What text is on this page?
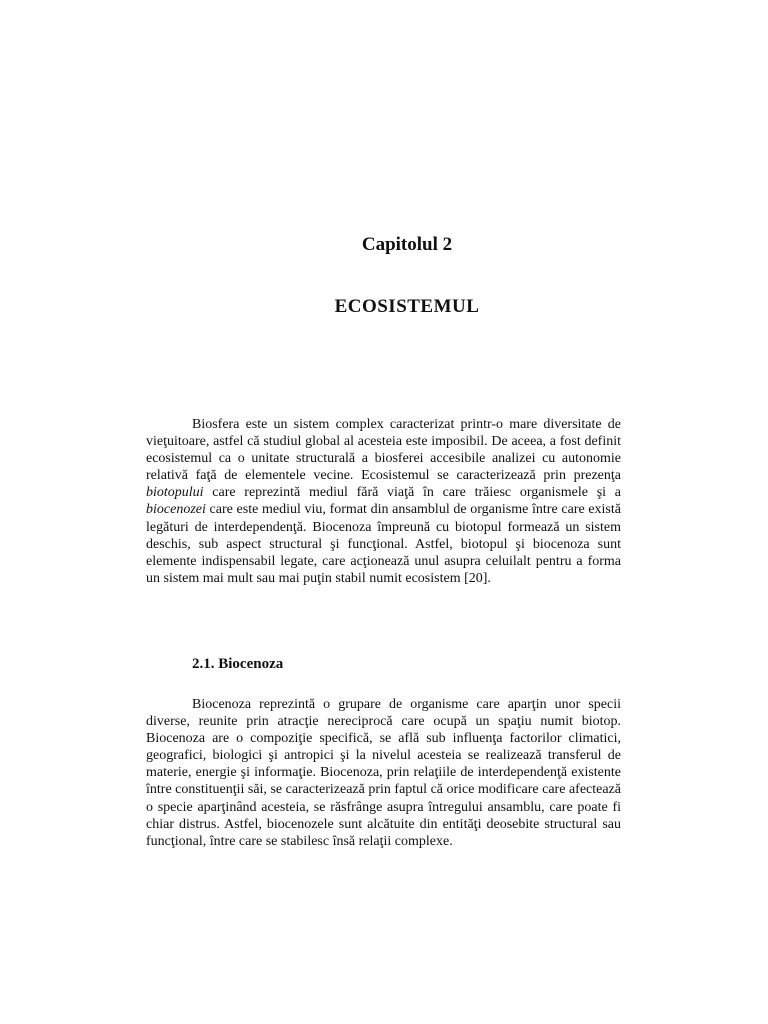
Capitolul 2
ECOSISTEMUL

Biosfera este un sistem complex caracterizat printr-o mare diversitate de vieţuitoare, astfel că studiul global al acesteia este imposibil. De aceea, a fost definit ecosistemul ca o unitate structurală a biosferei accesibile analizei cu autonomie relativă faţă de elementele vecine. Ecosistemul se caracterizează prin prezenţa biotopului care reprezintă mediul fără viaţă în care trăiesc organismele şi a biocenozei care este mediul viu, format din ansamblul de organisme între care există legături de interdependenţă. Biocenoza împreună cu biotopul formează un sistem deschis, sub aspect structural şi funcţional. Astfel, biotopul şi biocenoza sunt elemente indispensabil legate, care acţionează unul asupra celuilalt pentru a forma un sistem mai mult sau mai puţin stabil numit ecosistem [20].

2.1. Biocenoza

Biocenoza reprezintă o grupare de organisme care aparţin unor specii diverse, reunite prin atracţie nereciprocă care ocupă un spaţiu numit biotop. Biocenoza are o compoziţie specifică, se află sub influenţa factorilor climatici, geografici, biologici şi antropici şi la nivelul acesteia se realizează transferul de materie, energie şi informaţie. Biocenoza, prin relaţiile de interdependenţă existente între constituenţii săi, se caracterizează prin faptul că orice modificare care afectează o specie aparţinând acesteia, se răsfrânge asupra întregului ansamblu, care poate fi chiar distrus. Astfel, biocenozele sunt alcătuite din entităţi deosebite structural sau funcţional, între care se stabilesc însă relaţii complexe.
